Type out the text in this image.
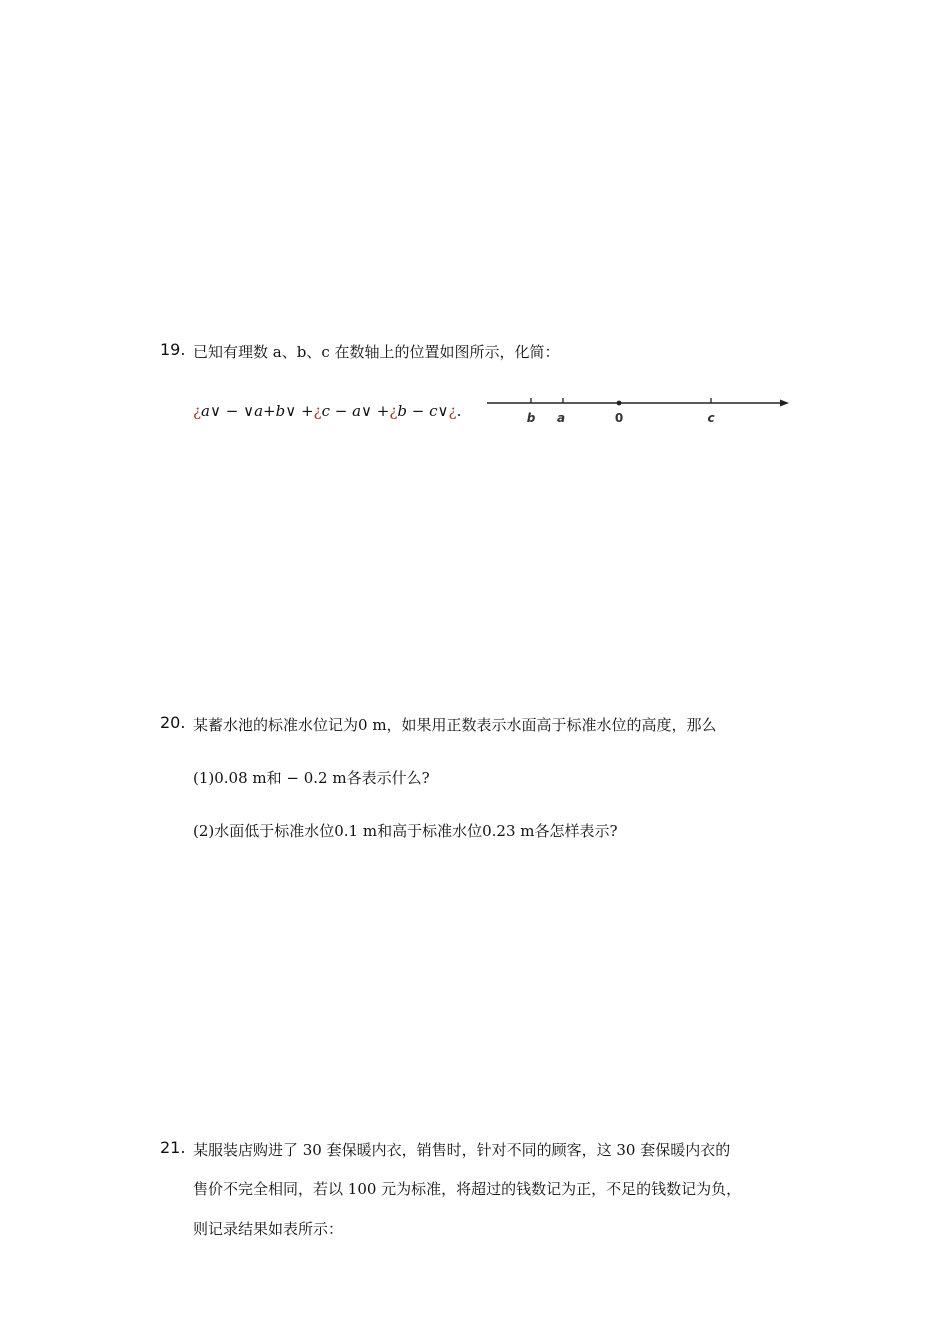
19. 已知有理数 a、b、c 在数轴上的位置如图所示，化简：
¿a∨ − ∨a+b∨ +¿c − a∨ +¿b − c∨¿.	b a	0	c
20. 某蓄水池的标准水位记为0 m，如果用正数表示水面高于标准水位的高度，那么
(1)0.08 m和 − 0.2 m各表示什么?
(2)水面低于标准水位0.1 m和高于标准水位0.23 m各怎样表示?
21. 某服装店购进了 30 套保暖内衣，销售时，针对不同的顾客，这 30 套保暖内衣的
售价不完全相同，若以 100 元为标准，将超过的钱数记为正，不足的钱数记为负，
则记录结果如表所示：
